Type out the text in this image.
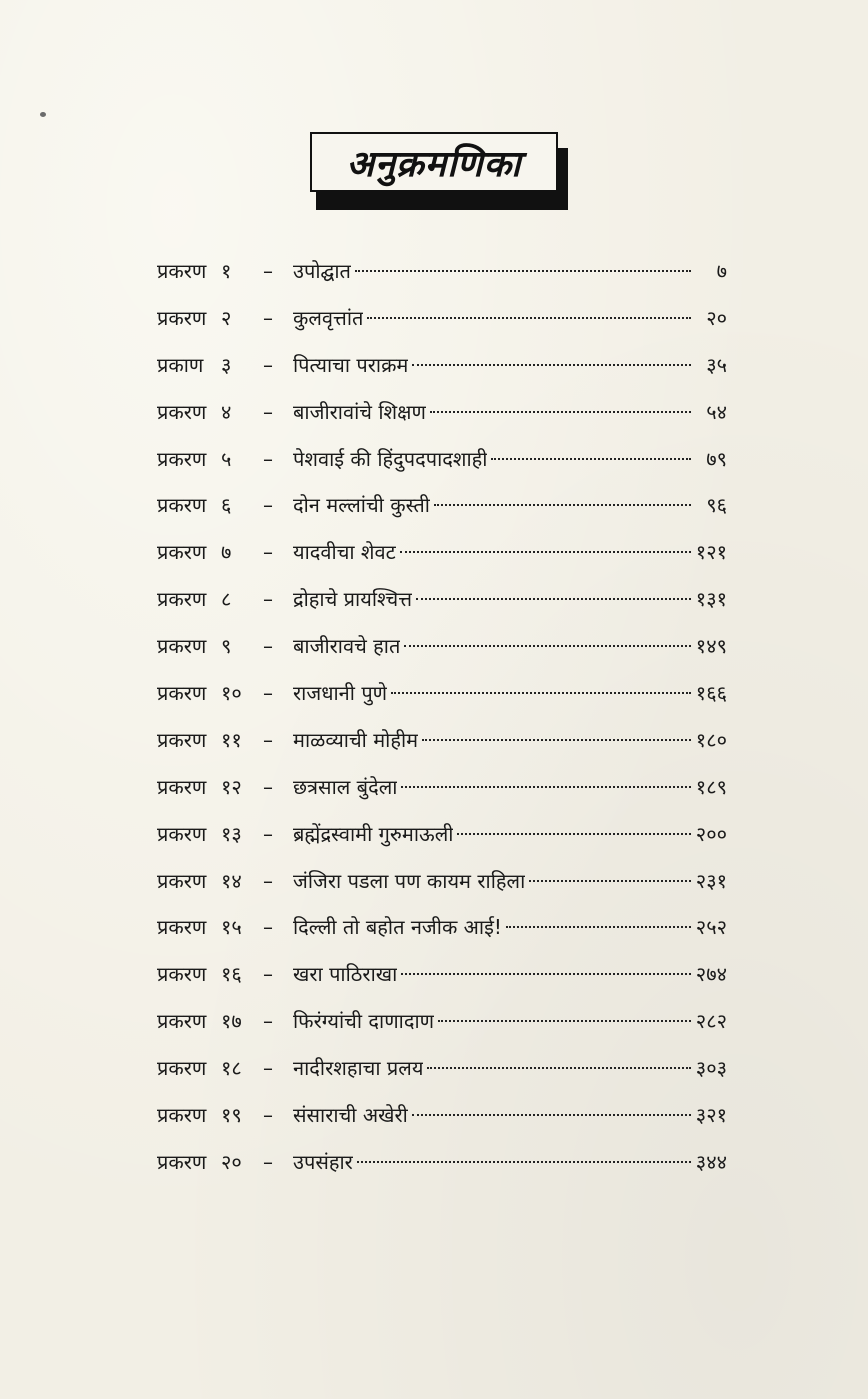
अनुक्रमणिका
प्रकरण १ –	उपोद्घात	७
प्रकरण २ –	कुलवृत्तांत	२०
प्रकाण ३ –	पित्याचा पराक्रम	३५
प्रकरण ४ –	बाजीरावांचे शिक्षण	५४
प्रकरण ५ –	पेशवाई की हिंदुपदपादशाही	७९
प्रकरण ६ –	दोन मल्लांची कुस्ती	९६
प्रकरण ७ –	यादवीचा शेवट	१२१
प्रकरण ८ –	द्रोहाचे प्रायश्चित्त	१३१
प्रकरण ९ –	बाजीरावचे हात	१४९
प्रकरण १० –	राजधानी पुणे	१६६
प्रकरण ११ –	माळव्याची मोहीम	१८०
प्रकरण १२ –	छत्रसाल बुंदेला	१८९
प्रकरण १३ –	ब्रह्मेंद्रस्वामी गुरुमाऊली	२००
प्रकरण १४ –	जंजिरा पडला पण कायम राहिला	२३१
प्रकरण १५ –	दिल्ली तो बहोत नजीक आई!	२५२
प्रकरण १६ –	खरा पाठिराखा	२७४
प्रकरण १७ –	फिरंग्यांची दाणादाण	२८२
प्रकरण १८ –	नादीरशहाचा प्रलय	३०३
प्रकरण १९ –	संसाराची अखेरी	३२१
प्रकरण २० –	उपसंहार	३४४
